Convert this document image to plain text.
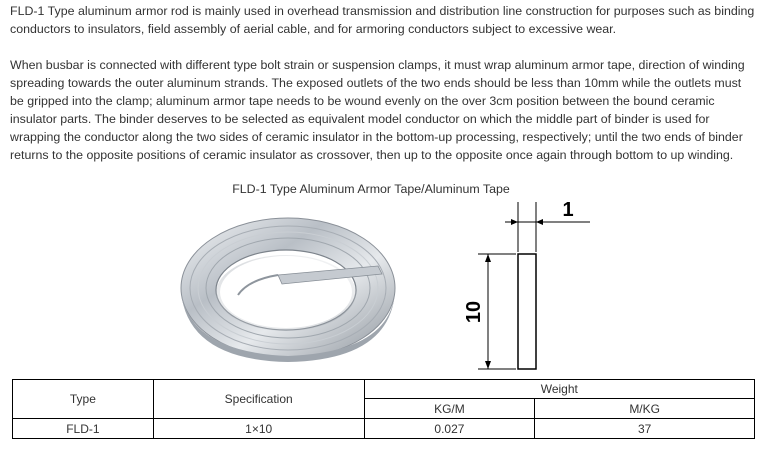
FLD-1 Type aluminum armor rod is mainly used in overhead transmission and distribution line construction for purposes such as binding conductors to insulators, field assembly of aerial cable, and for armoring conductors subject to excessive wear.

When busbar is connected with different type bolt strain or suspension clamps, it must wrap aluminum armor tape, direction of winding spreading towards the outer aluminum strands. The exposed outlets of the two ends should be less than 10mm while the outlets must be gripped into the clamp; aluminum armor tape needs to be wound evenly on the over 3cm position between the bound ceramic insulator parts. The binder deserves to be selected as equivalent model conductor on which the middle part of binder is used for wrapping the conductor along the two sides of ceramic insulator in the bottom-up processing, respectively; until the two ends of binder returns to the opposite positions of ceramic insulator as crossover, then up to the opposite once again through bottom to up winding.

FLD-1 Type Aluminum Armor Tape/Aluminum Tape
1
10
Type	Specification	Weight	
		KG/M	M/KG
FLD-1	1×10	0.027	37
